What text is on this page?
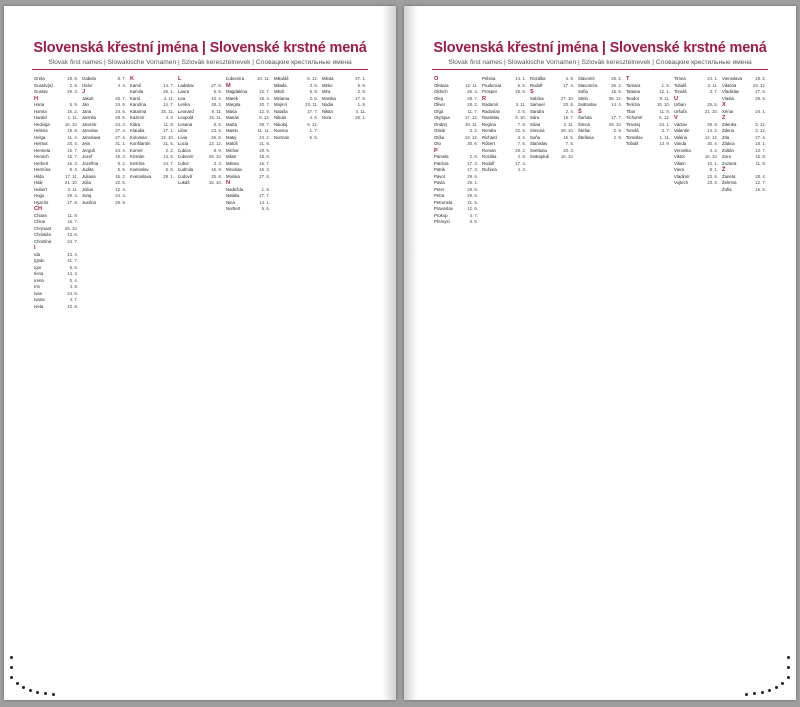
Slovenská křestní jména | Slovenské krstné mená
Slovak first names | Slowakische Vornamen | Szlovák keresztélnevek | Словацкие крестильные имена
Greta	18. 8.
Gustáv(a)	2. 8.
Gustav	29. 3.
H
Hana	5. 9.
Hanna	15. 2.
Harald	1. 11.
Hedviga	16. 10.
Helena	18. 8.
Helga	11. 4.
Helmut	24. 4.
Henrieta	15. 7.
Henrich	15. 7.
Herbert	16. 3.
Hermína	9. 4.
Hilda	17. 11.
Hilár	21. 10.
Hubert	3. 11.
Hugo	29. 4.
Hyacint	17. 8.
CH
Chiara	11. 8.
Chloe	16. 7.
Chrysant	25. 10.
Christián	13. 6.
Christína	24. 7.
I
Ida	13. 4.
Ignác	31. 7.
Igor	5. 6.
Ilona	14. 3.
Irena	5. 4.
Iris	4. 9.
Ivan	24. 6.
Ivana	4. 7.
Iveta	10. 8.
Izabela	8. 7.
Izidor	4. 4.
J
Jakub	25. 7.
Ján	24. 6.
Jana	24. 6.
Jarmila	28. 6.
Jaromír	24. 4.
Jaroslav	27. 4.
Jaroslava	27. 4.
Jela	31. 1.
Jerguš	24. 4.
Jozef	19. 3.
Jozefína	8. 2.
Judita	5. 5.
Juliana	16. 2.
Júlia	22. 5.
Július	12. 4.
Juraj	24. 4.
Justína	26. 9.
K
Kamil	14. 7.
Kamila	26. 1.
Karol	4. 11.
Karolína	14. 7.
Katarína	25. 11.
Kazimír	4. 3.
Klára	11. 8.
Klaudia	17. 1.
Koloman	13. 10.
Konštantín	21. 5.
Kornel	2. 2.
Kristián	14. 5.
Kristína	24. 7.
Kvetoslav	5. 6.
Kvetoslava	29. 1.
L
Ladislav	27. 6.
Laura	5. 5.
Lea	10. 4.
Lenka	28. 2.
Leonard	6. 11.
Leopold	15. 11.
Lesana	8. 5.
Libor	23. 5.
Lívia	26. 6.
Lucia	13. 12.
Ľubica	8. 9.
Ľubomír	28. 10.
Ľubor	3. 3.
Ľudmila	16. 9.
Ľudovít	25. 8.
Lukáš	18. 10.
Ľubomíra	10. 11.
M
Magdaléna	22. 7.
Marek	25. 4.
Margita	20. 7.
Mária	12. 9.
Marián	8. 12.
Marta	29. 7.
Martin	11. 11.
Matej	24. 2.
Matúš	21. 9.
Michal	29. 9.
Milan	18. 6.
Milena	16. 7.
Miroslav	15. 3.
Monika	27. 8.
N
Nadežda	1. 8.
Natália	27. 7.
Nina	14. 1.
Norbert	6. 6.
Mikuláš	6. 12.
Milada	3. 6.
Miloš	5. 9.
Miriama	2. 5.
Mojmír	23. 11.
Nataša	27. 7.
Nikola	4. 6.
Nikolaj	6. 12.
Noema	1. 7.
Norman	6. 6.
Milota	27. 1.
Mirko	5. 9.
Mira	2. 9.
Monika	27. 8.
Nadia	1. 8.
Nikita	4. 11.
Nora	26. 1.
Slovenská křestní jména | Slovenské krstné mená
Slovak first names | Slowakische Vornamen | Szlovák keresztélnevek | Словацкие крестильные имена
O
Oktávia	12. 11.
Oldrich	26. 4.
Oleg	29. 7.
Oliver	28. 2.
Oľga	11. 7.
Olympia	17. 12.
Ondrej	30. 11.
Oskár	3. 2.
Otília	13. 12.
Oto	30. 6.
P
Pamela	2. 6.
Patrícia	17. 3.
Patrik	17. 3.
Pavol	29. 6.
Pavla	26. 1.
Peter	29. 6.
Petra	29. 6.
Petronela	31. 5.
Pravoslav	12. 6.
Prokop	4. 7.
Přemysl	6. 5.
Pribina	14. 1.
Prudencia	6. 5.
Prosper	25. 6.
R
Radomír	3. 11.
Radoslav	2. 5.
Rastislav	8. 10.
Regína	7. 9.
Renáta	22. 5.
Richard	3. 4.
Róbert	7. 6.
Roman	28. 2.
Rozália	4. 9.
Rudolf	17. 4.
Ružena	4. 3.
Rozálka	4. 9.
Rudolf	17. 4.
S
Sabína	27. 10.
Samuel	20. 8.
Sandra	2. 4.
Sára	19. 7.
Silvia	3. 11.
Simona	28. 10.
Soňa	15. 5.
Stanislav	7. 5.
Svetlana	20. 3.
Svätopluk	16. 10.
Slavomír	26. 2.
Slavomíra	26. 2.
Sofia	15. 5.
Stela	28. 12.
Svätoslav	14. 4.
Š
Šarlota	17. 7.
Šimon	28. 10.
Štefan	2. 9.
Štefánia	2. 9.
T
Tamara	1. 5.
Tatiana	12. 1.
Teodor	9. 11.
Terézia	15. 10.
Tibor	11. 8.
Tichomír	6. 12.
Timotej	24. 1.
Tomáš	3. 7.
Tomislav	1. 11.
Tobiáš	13. 9.
Timea	24. 1.
Tobiáš	2. 11.
Tomáš	3. 7.
U
Urban	25. 5.
Uršuľa	21. 10.
V
Václav	28. 9.
Valentín	14. 2.
Valéria	12. 12.
Vanda	30. 4.
Veronika	4. 2.
Viktor	16. 10.
Viliam	10. 1.
Viera	8. 1.
Vladimír	23. 5.
Vojtech	23. 4.
Vieroslava	18. 2.
Viktória	23. 12.
Vladislav	27. 6.
Vlasta	29. 5.
X
Xénia	24. 1.
Z
Zdenka	3. 12.
Zdeno	3. 12.
Zita	27. 4.
Zlatica	18. 1.
Zoltán	13. 7.
Zora	15. 8.
Zuzana	11. 8.
Ž
Žaneta	28. 4.
Želmíra	12. 7.
Žofia	15. 5.
